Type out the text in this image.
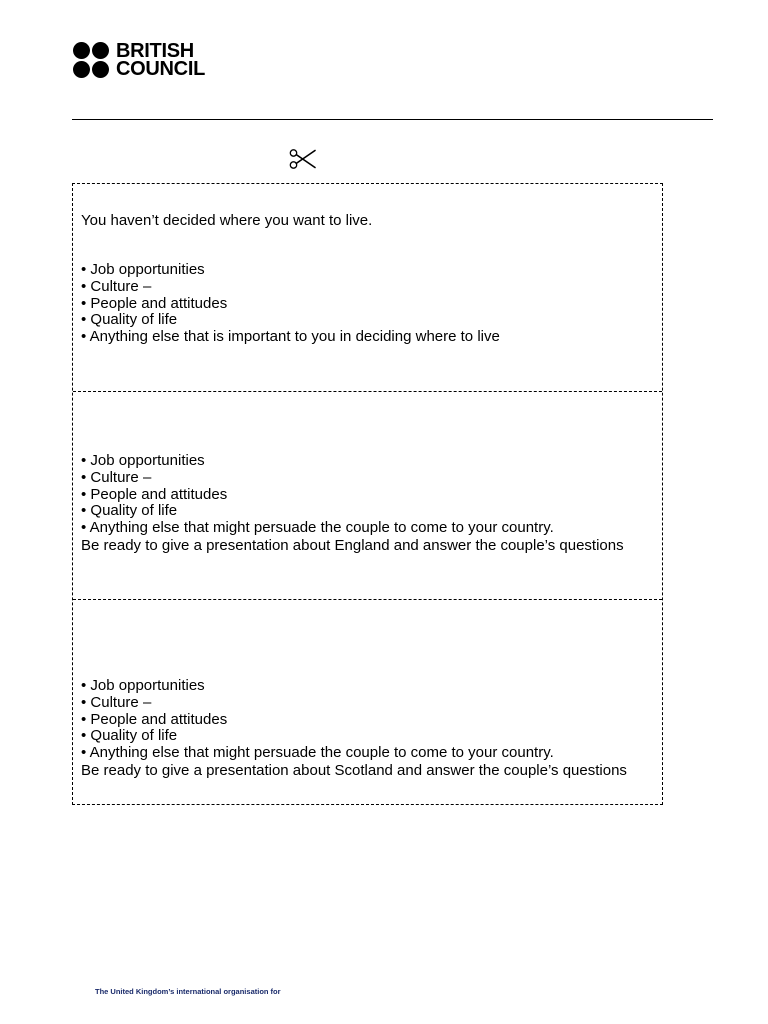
BRITISH
COUNCIL

You haven’t decided where you want to live.

• Job opportunities
• Culture –
• People and attitudes
• Quality of life
• Anything else that is important to you in deciding where to live
• Job opportunities
• Culture –
• People and attitudes
• Quality of life
• Anything else that might persuade the couple to come to your country.

Be ready to give a presentation about England and answer the couple’s questions

• Job opportunities
• Culture –
• People and attitudes
• Quality of life
• Anything else that might persuade the couple to come to your country.

Be ready to give a presentation about Scotland and answer the couple’s questions

The United Kingdom’s international organisation for
